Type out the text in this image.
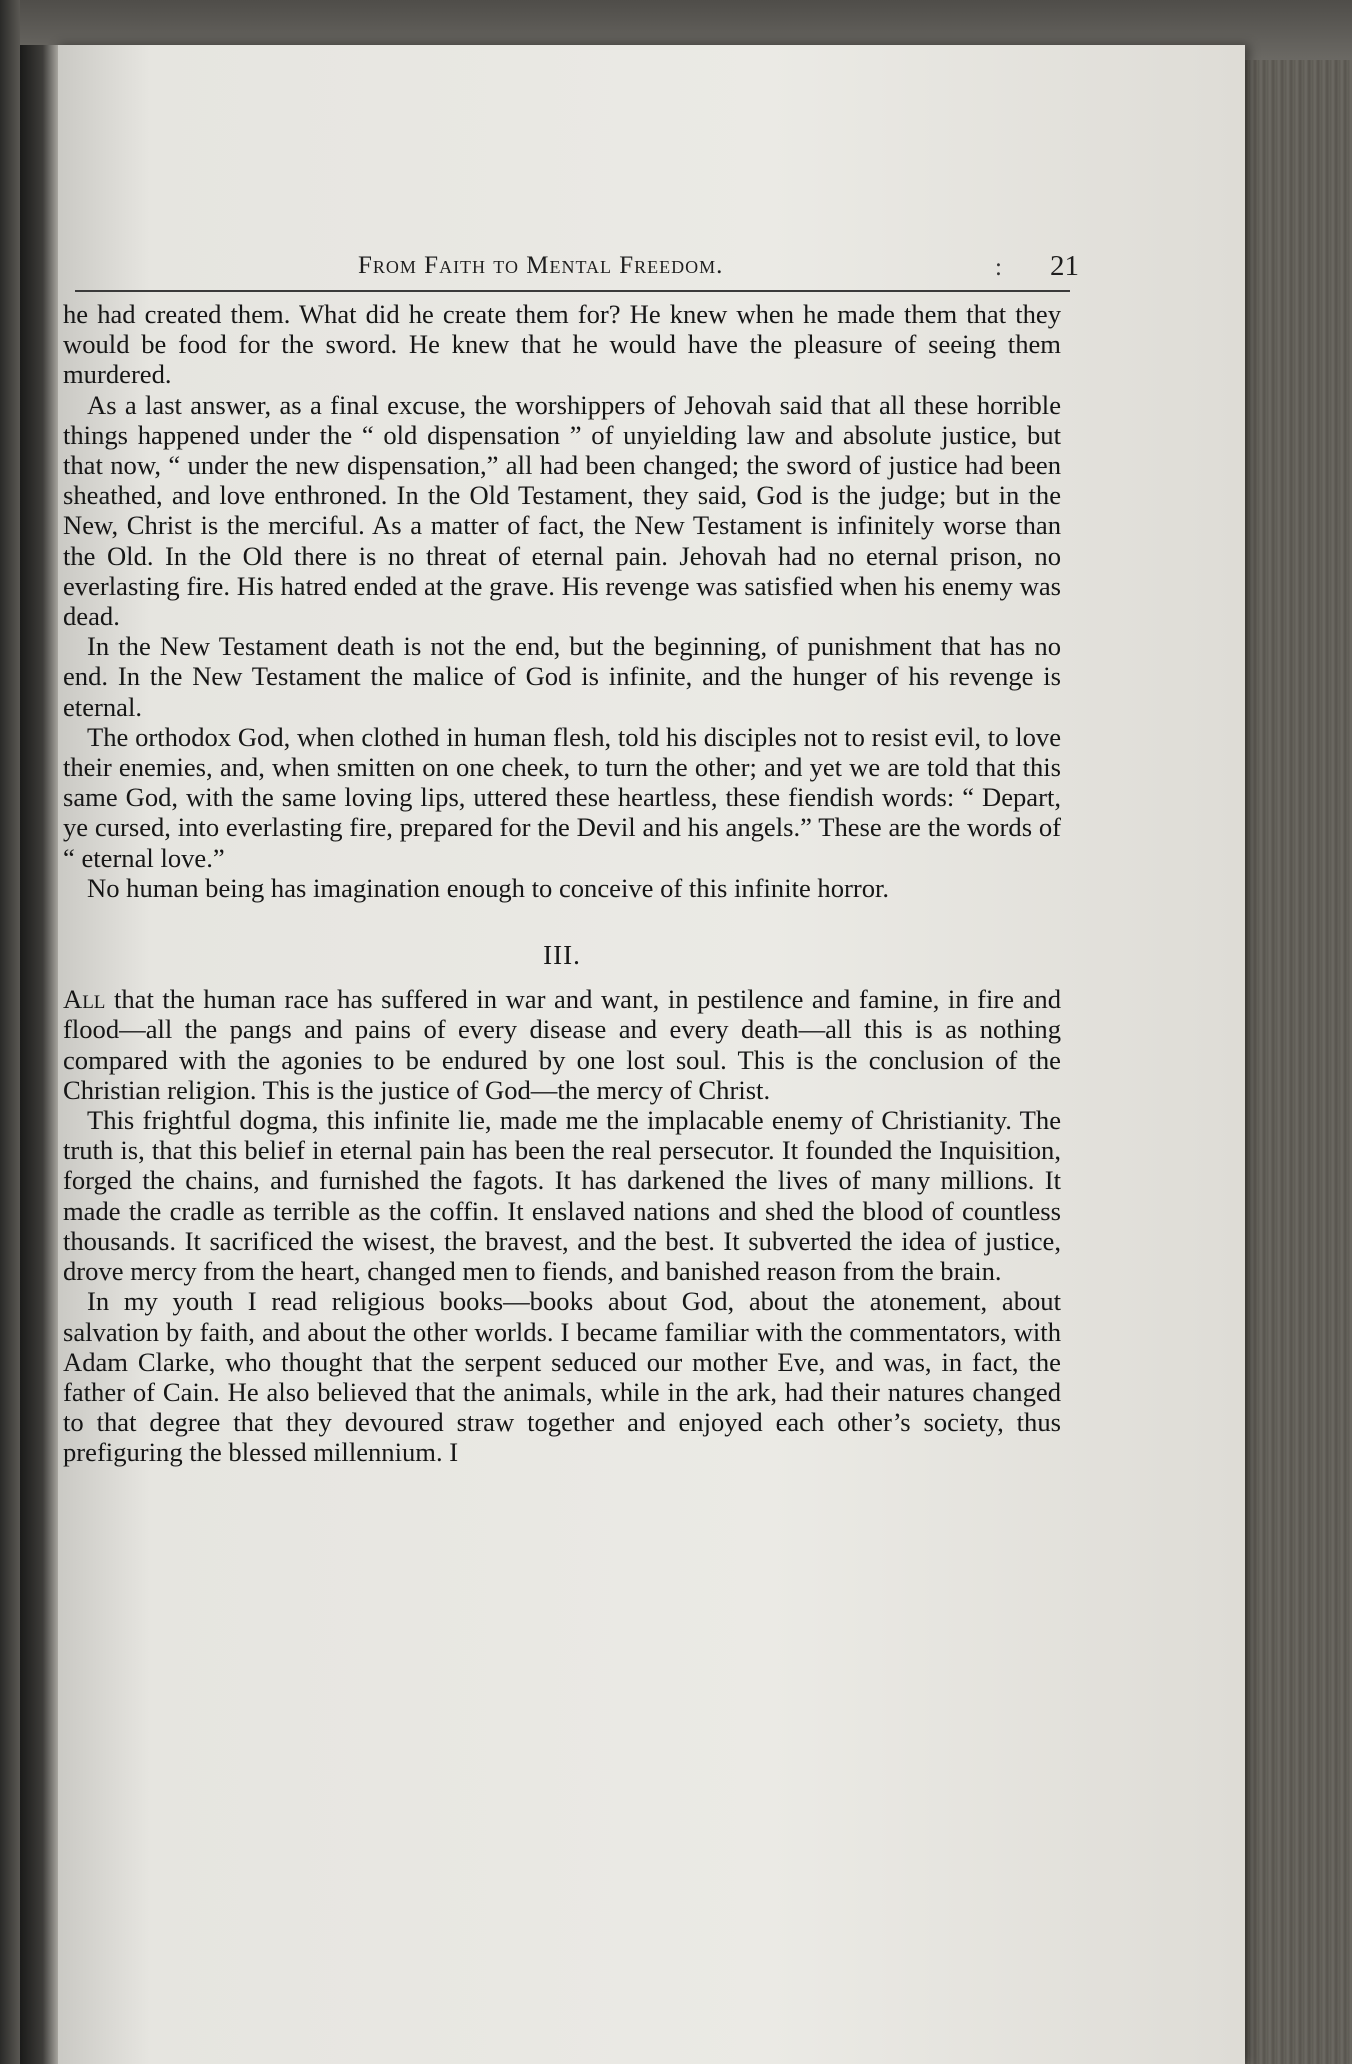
From Faith to Mental Freedom.	: 21

he had created them. What did he create them for? He knew when he made them that they would be food for the sword. He knew that he would have the pleasure of seeing them murdered.

As a last answer, as a final excuse, the worshippers of Jehovah said that all these horrible things happened under the “ old dispensation ” of unyielding law and absolute justice, but that now, “ under the new dispensation,” all had been changed; the sword of justice had been sheathed, and love enthroned. In the Old Testament, they said, God is the judge; but in the New, Christ is the merciful. As a matter of fact, the New Testament is infinitely worse than the Old. In the Old there is no threat of eternal pain. Jehovah had no eternal prison, no everlasting fire. His hatred ended at the grave. His revenge was satisfied when his enemy was dead.

In the New Testament death is not the end, but the beginning, of punishment that has no end. In the New Testament the malice of God is infinite, and the hunger of his revenge is eternal.

The orthodox God, when clothed in human flesh, told his disciples not to resist evil, to love their enemies, and, when smitten on one cheek, to turn the other; and yet we are told that this same God, with the same loving lips, uttered these heartless, these fiendish words: “ Depart, ye cursed, into everlasting fire, prepared for the Devil and his angels.” These are the words of “ eternal love.”

No human being has imagination enough to conceive of this infinite horror.

III.

All that the human race has suffered in war and want, in pestilence and famine, in fire and flood—all the pangs and pains of every disease and every death—all this is as nothing compared with the agonies to be endured by one lost soul. This is the conclusion of the Christian religion. This is the justice of God—the mercy of Christ.

This frightful dogma, this infinite lie, made me the implacable enemy of Christianity. The truth is, that this belief in eternal pain has been the real persecutor. It founded the Inquisition, forged the chains, and furnished the fagots. It has darkened the lives of many millions. It made the cradle as terrible as the coffin. It enslaved nations and shed the blood of countless thousands. It sacrificed the wisest, the bravest, and the best. It subverted the idea of justice, drove mercy from the heart, changed men to fiends, and banished reason from the brain.

In my youth I read religious books—books about God, about the atonement, about salvation by faith, and about the other worlds. I became familiar with the commentators, with Adam Clarke, who thought that the serpent seduced our mother Eve, and was, in fact, the father of Cain. He also believed that the animals, while in the ark, had their natures changed to that degree that they devoured straw together and enjoyed each other’s society, thus prefiguring the blessed millennium. I
